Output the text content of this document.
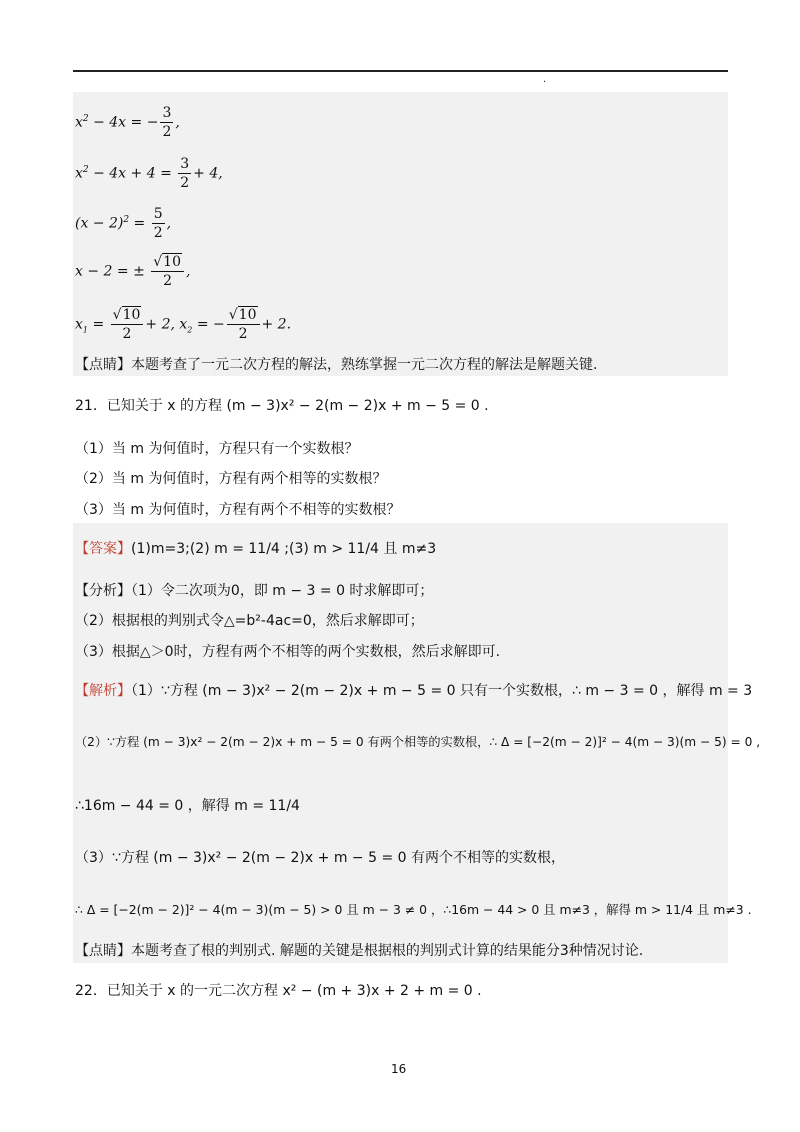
.
$x^2 - 4x$ = − $\frac{3}{2}$ ,
$x^2 - 4x + 4 = \frac{3}{2} + 4$,
$(x - 2)^2 = \frac{5}{2}$ ,
x − 2 = ± $\frac{√10}{2}$ ,
$x_1 = \frac{√10}{2} + 2$, $x_2$ = − $\frac{√10}{2} + 2$.
【点睛】本题考查了一元二次方程的解法，熟练掌握一元二次方程的解法是解题关键.
21．已知关于 x 的方程 (m − 3)x² − 2(m − 2)x + m − 5 = 0 .
（1）当 m 为何值时，方程只有一个实数根？
（2）当 m 为何值时，方程有两个相等的实数根？
（3）当 m 为何值时，方程有两个不相等的实数根？
【答案】(1)m=3;(2) m = 11/4 ;(3) m > 11/4 且 m≠3
【分析】（1）令二次项为0，即 m − 3 = 0 时求解即可；
（2）根据根的判别式令△=b²-4ac=0，然后求解即可；
（3）根据△＞0时，方程有两个不相等的两个实数根，然后求解即可.
【解析】（1）∵方程 (m − 3)x² − 2(m − 2)x + m − 5 = 0 只有一个实数根，∴ m − 3 = 0 ，解得 m = 3
（2）∵方程 (m − 3)x² − 2(m − 2)x + m − 5 = 0 有两个相等的实数根，∴ Δ = [−2(m − 2)]² − 4(m − 3)(m − 5) = 0 ,
∴16m − 44 = 0 ，解得 m = 11/4
（3）∵方程 (m − 3)x² − 2(m − 2)x + m − 5 = 0 有两个不相等的实数根，
∴ Δ = [−2(m − 2)]² − 4(m − 3)(m − 5) > 0 且 m − 3 ≠ 0 ，∴16m − 44 > 0 且 m≠3 ，解得 m > 11/4 且 m≠3 .
【点睛】本题考查了根的判别式. 解题的关键是根据根的判别式计算的结果能分3种情况讨论.
22．已知关于 x 的一元二次方程 x² − (m + 3)x + 2 + m = 0 .
16
